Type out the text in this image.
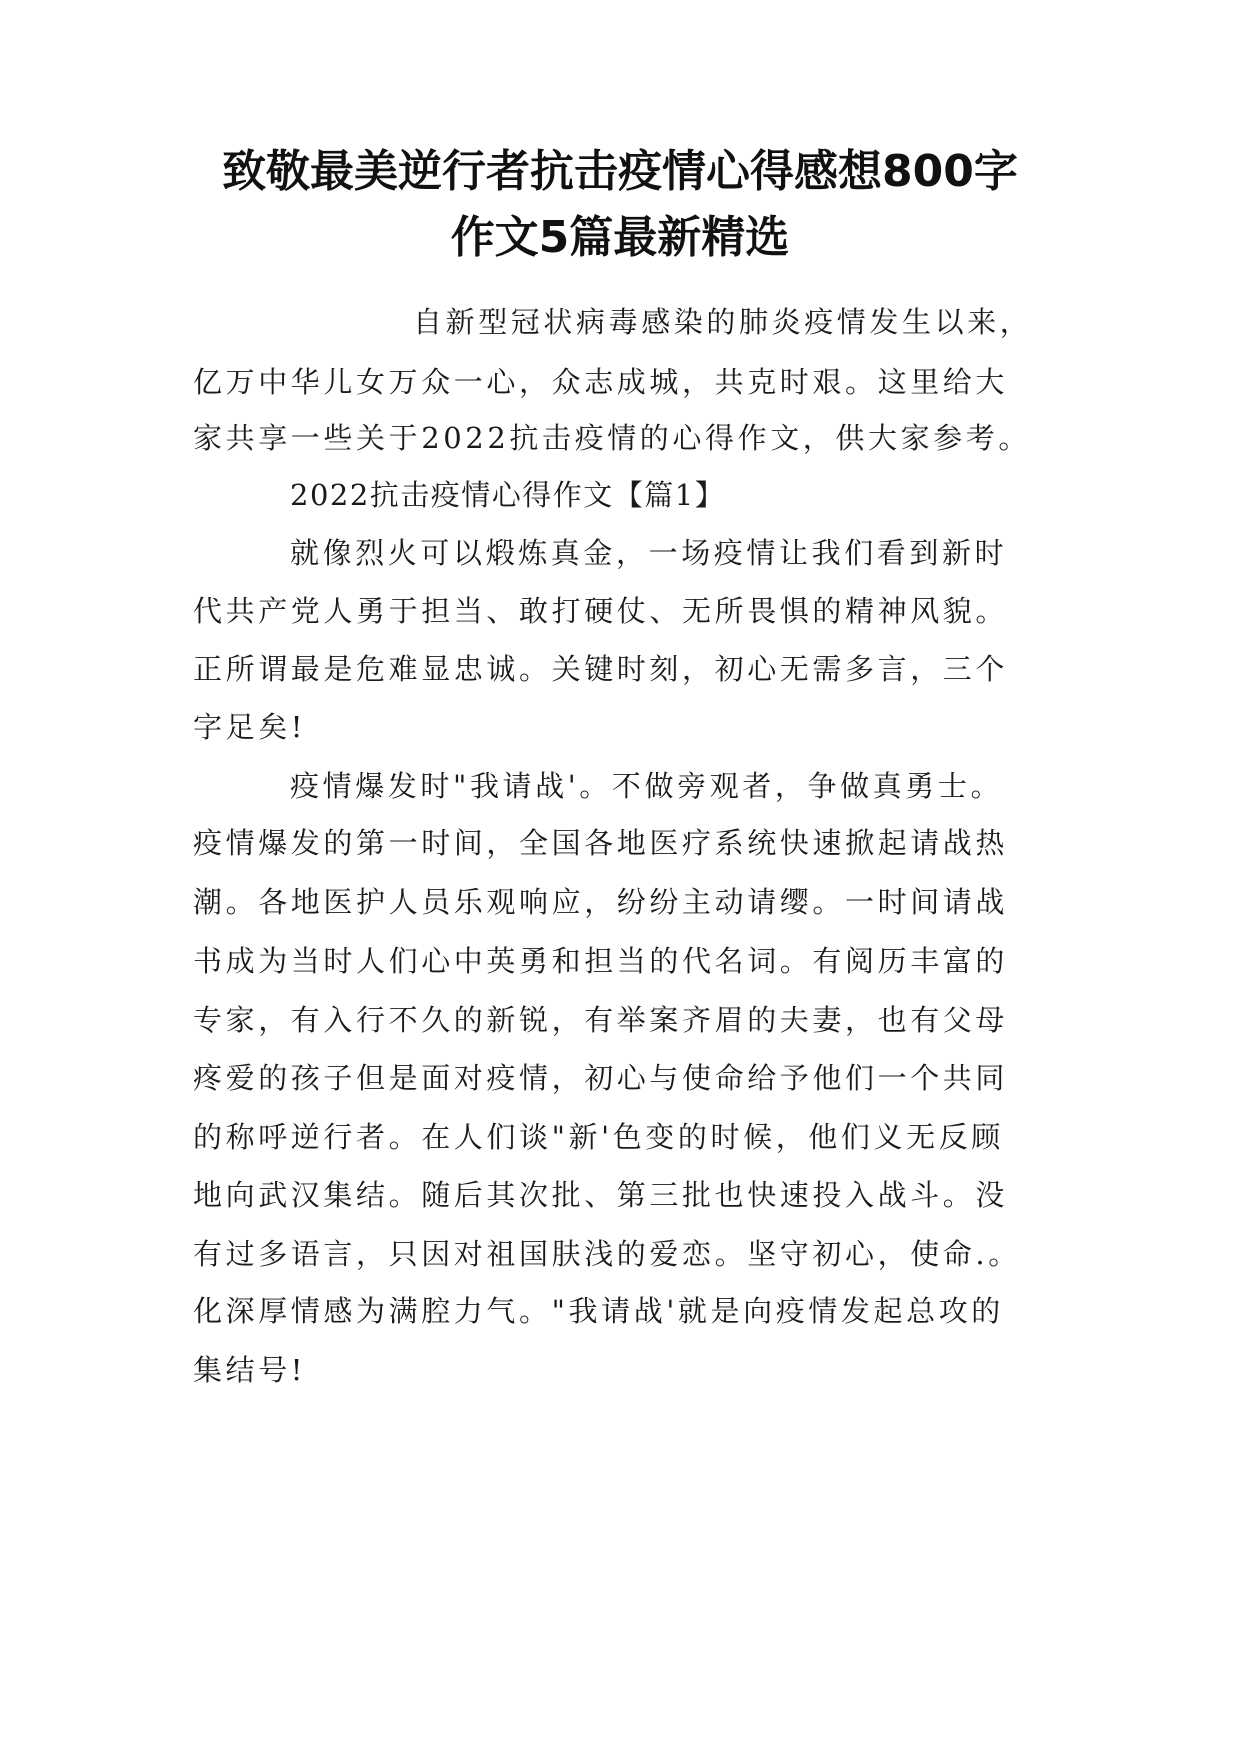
致敬最美逆行者抗击疫情心得感想800字
作文5篇最新精选
自新型冠状病毒感染的肺炎疫情发生以来，
亿万中华儿女万众一心，众志成城，共克时艰。这里给大
家共享一些关于2022抗击疫情的心得作文，供大家参考。
2022抗击疫情心得作文【篇1】
就像烈火可以煅炼真金，一场疫情让我们看到新时
代共产党人勇于担当、敢打硬仗、无所畏惧的精神风貌。
正所谓最是危难显忠诚。关键时刻，初心无需多言，三个
字足矣!
疫情爆发时"我请战'。不做旁观者，争做真勇士。
疫情爆发的第一时间，全国各地医疗系统快速掀起请战热
潮。各地医护人员乐观响应，纷纷主动请缨。一时间请战
书成为当时人们心中英勇和担当的代名词。有阅历丰富的
专家，有入行不久的新锐，有举案齐眉的夫妻，也有父母
疼爱的孩子但是面对疫情，初心与使命给予他们一个共同
的称呼逆行者。在人们谈"新'色变的时候，他们义无反顾
地向武汉集结。随后其次批、第三批也快速投入战斗。没
有过多语言，只因对祖国肤浅的爱恋。坚守初心，使命.。
化深厚情感为满腔力气。"我请战'就是向疫情发起总攻的
集结号!
